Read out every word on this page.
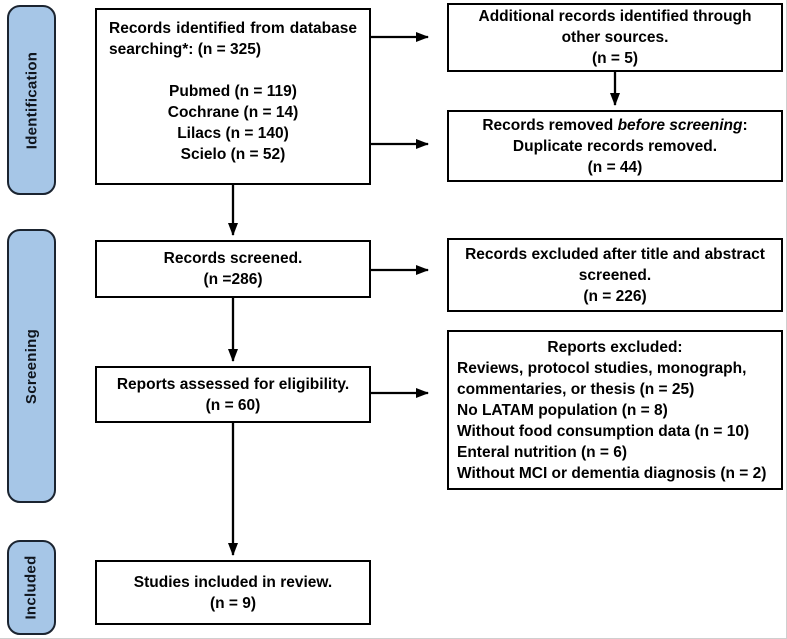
Identification
Screening
Included
Records identified from database searching*: (n = 325)
Pubmed (n = 119)
Cochrane (n = 14)
Lilacs (n = 140)
Scielo (n = 52)
Records screened.
(n =286)
Reports assessed for eligibility.
(n = 60)
Studies included in review.
(n = 9)
Additional records identified through other sources.
(n = 5)
Records removed before screening:
Duplicate records removed.
(n = 44)
Records excluded after title and abstract screened.
(n = 226)
Reports excluded:
Reviews, protocol studies, monograph, commentaries, or thesis (n = 25)
No LATAM population (n = 8)
Without food consumption data (n = 10)
Enteral nutrition (n = 6)
Without MCI or dementia diagnosis (n = 2)
